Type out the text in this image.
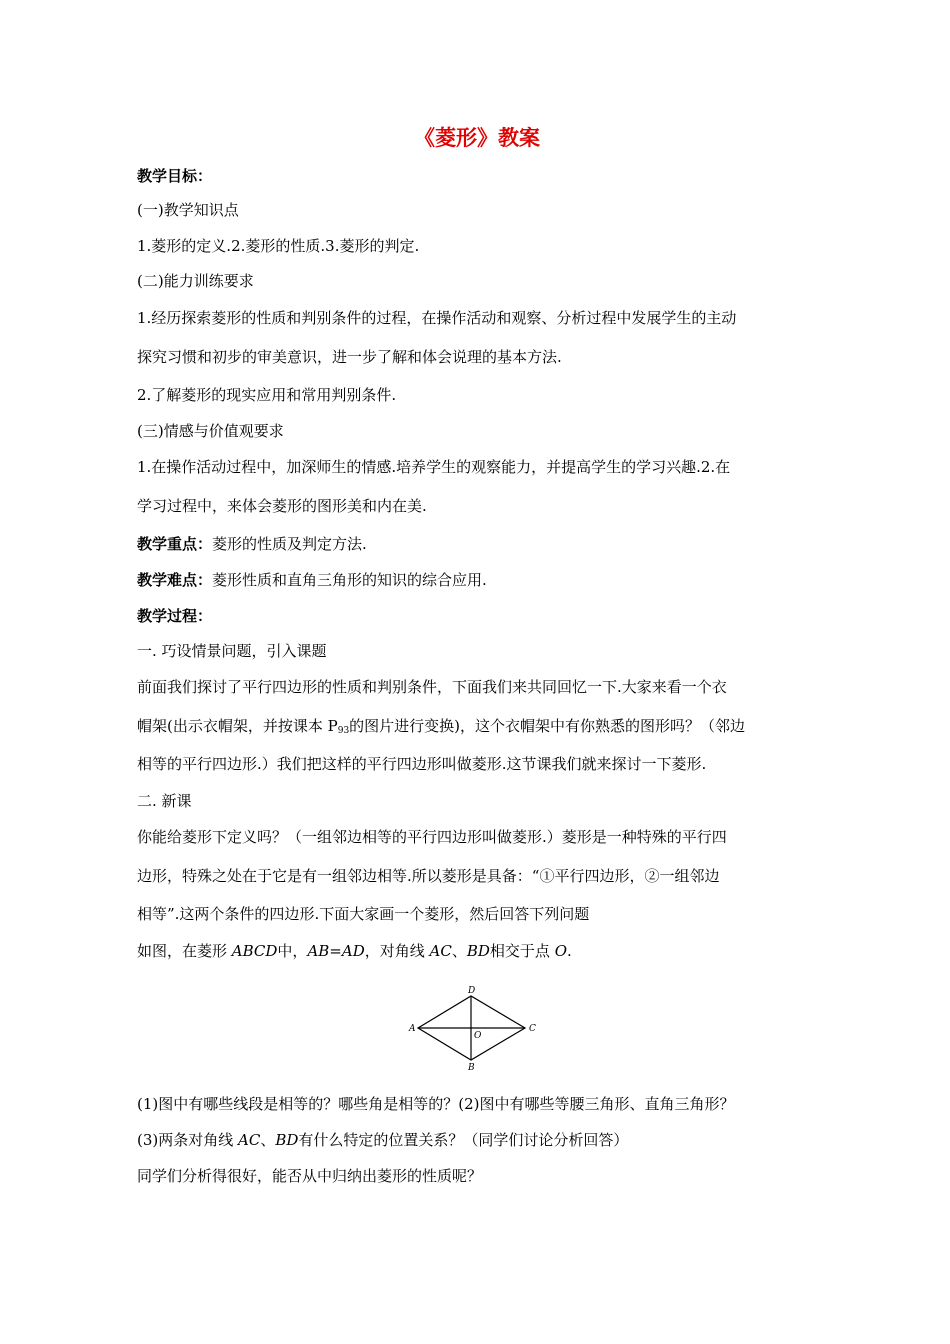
《菱形》教案
教学目标：
(一)教学知识点
1.菱形的定义.2.菱形的性质.3.菱形的判定.
(二)能力训练要求
1.经历探索菱形的性质和判别条件的过程，在操作活动和观察、分析过程中发展学生的主动
探究习惯和初步的审美意识，进一步了解和体会说理的基本方法.
2.了解菱形的现实应用和常用判别条件.
(三)情感与价值观要求
1.在操作活动过程中，加深师生的情感.培养学生的观察能力，并提高学生的学习兴趣.2.在
学习过程中，来体会菱形的图形美和内在美.
教学重点：菱形的性质及判定方法.
教学难点：菱形性质和直角三角形的知识的综合应用.
教学过程：
一. 巧设情景问题，引入课题
前面我们探讨了平行四边形的性质和判别条件，下面我们来共同回忆一下.大家来看一个衣
帽架(出示衣帽架，并按课本 $P_{93}$的图片进行变换)，这个衣帽架中有你熟悉的图形吗？（邻边
相等的平行四边形.）我们把这样的平行四边形叫做菱形.这节课我们就来探讨一下菱形.
二. 新课
你能给菱形下定义吗？（一组邻边相等的平行四边形叫做菱形.）菱形是一种特殊的平行四
边形，特殊之处在于它是有一组邻边相等.所以菱形是具备：“①平行四边形，②一组邻边
相等”.这两个条件的四边形.下面大家画一个菱形，然后回答下列问题
如图，在菱形 ABCD中，AB=AD，对角线 AC、BD相交于点 O.
(1)图中有哪些线段是相等的？哪些角是相等的？(2)图中有哪些等腰三角形、直角三角形？
(3)两条对角线 AC、BD有什么特定的位置关系？（同学们讨论分析回答）
同学们分析得很好，能否从中归纳出菱形的性质呢？
A
D
C
B
O
